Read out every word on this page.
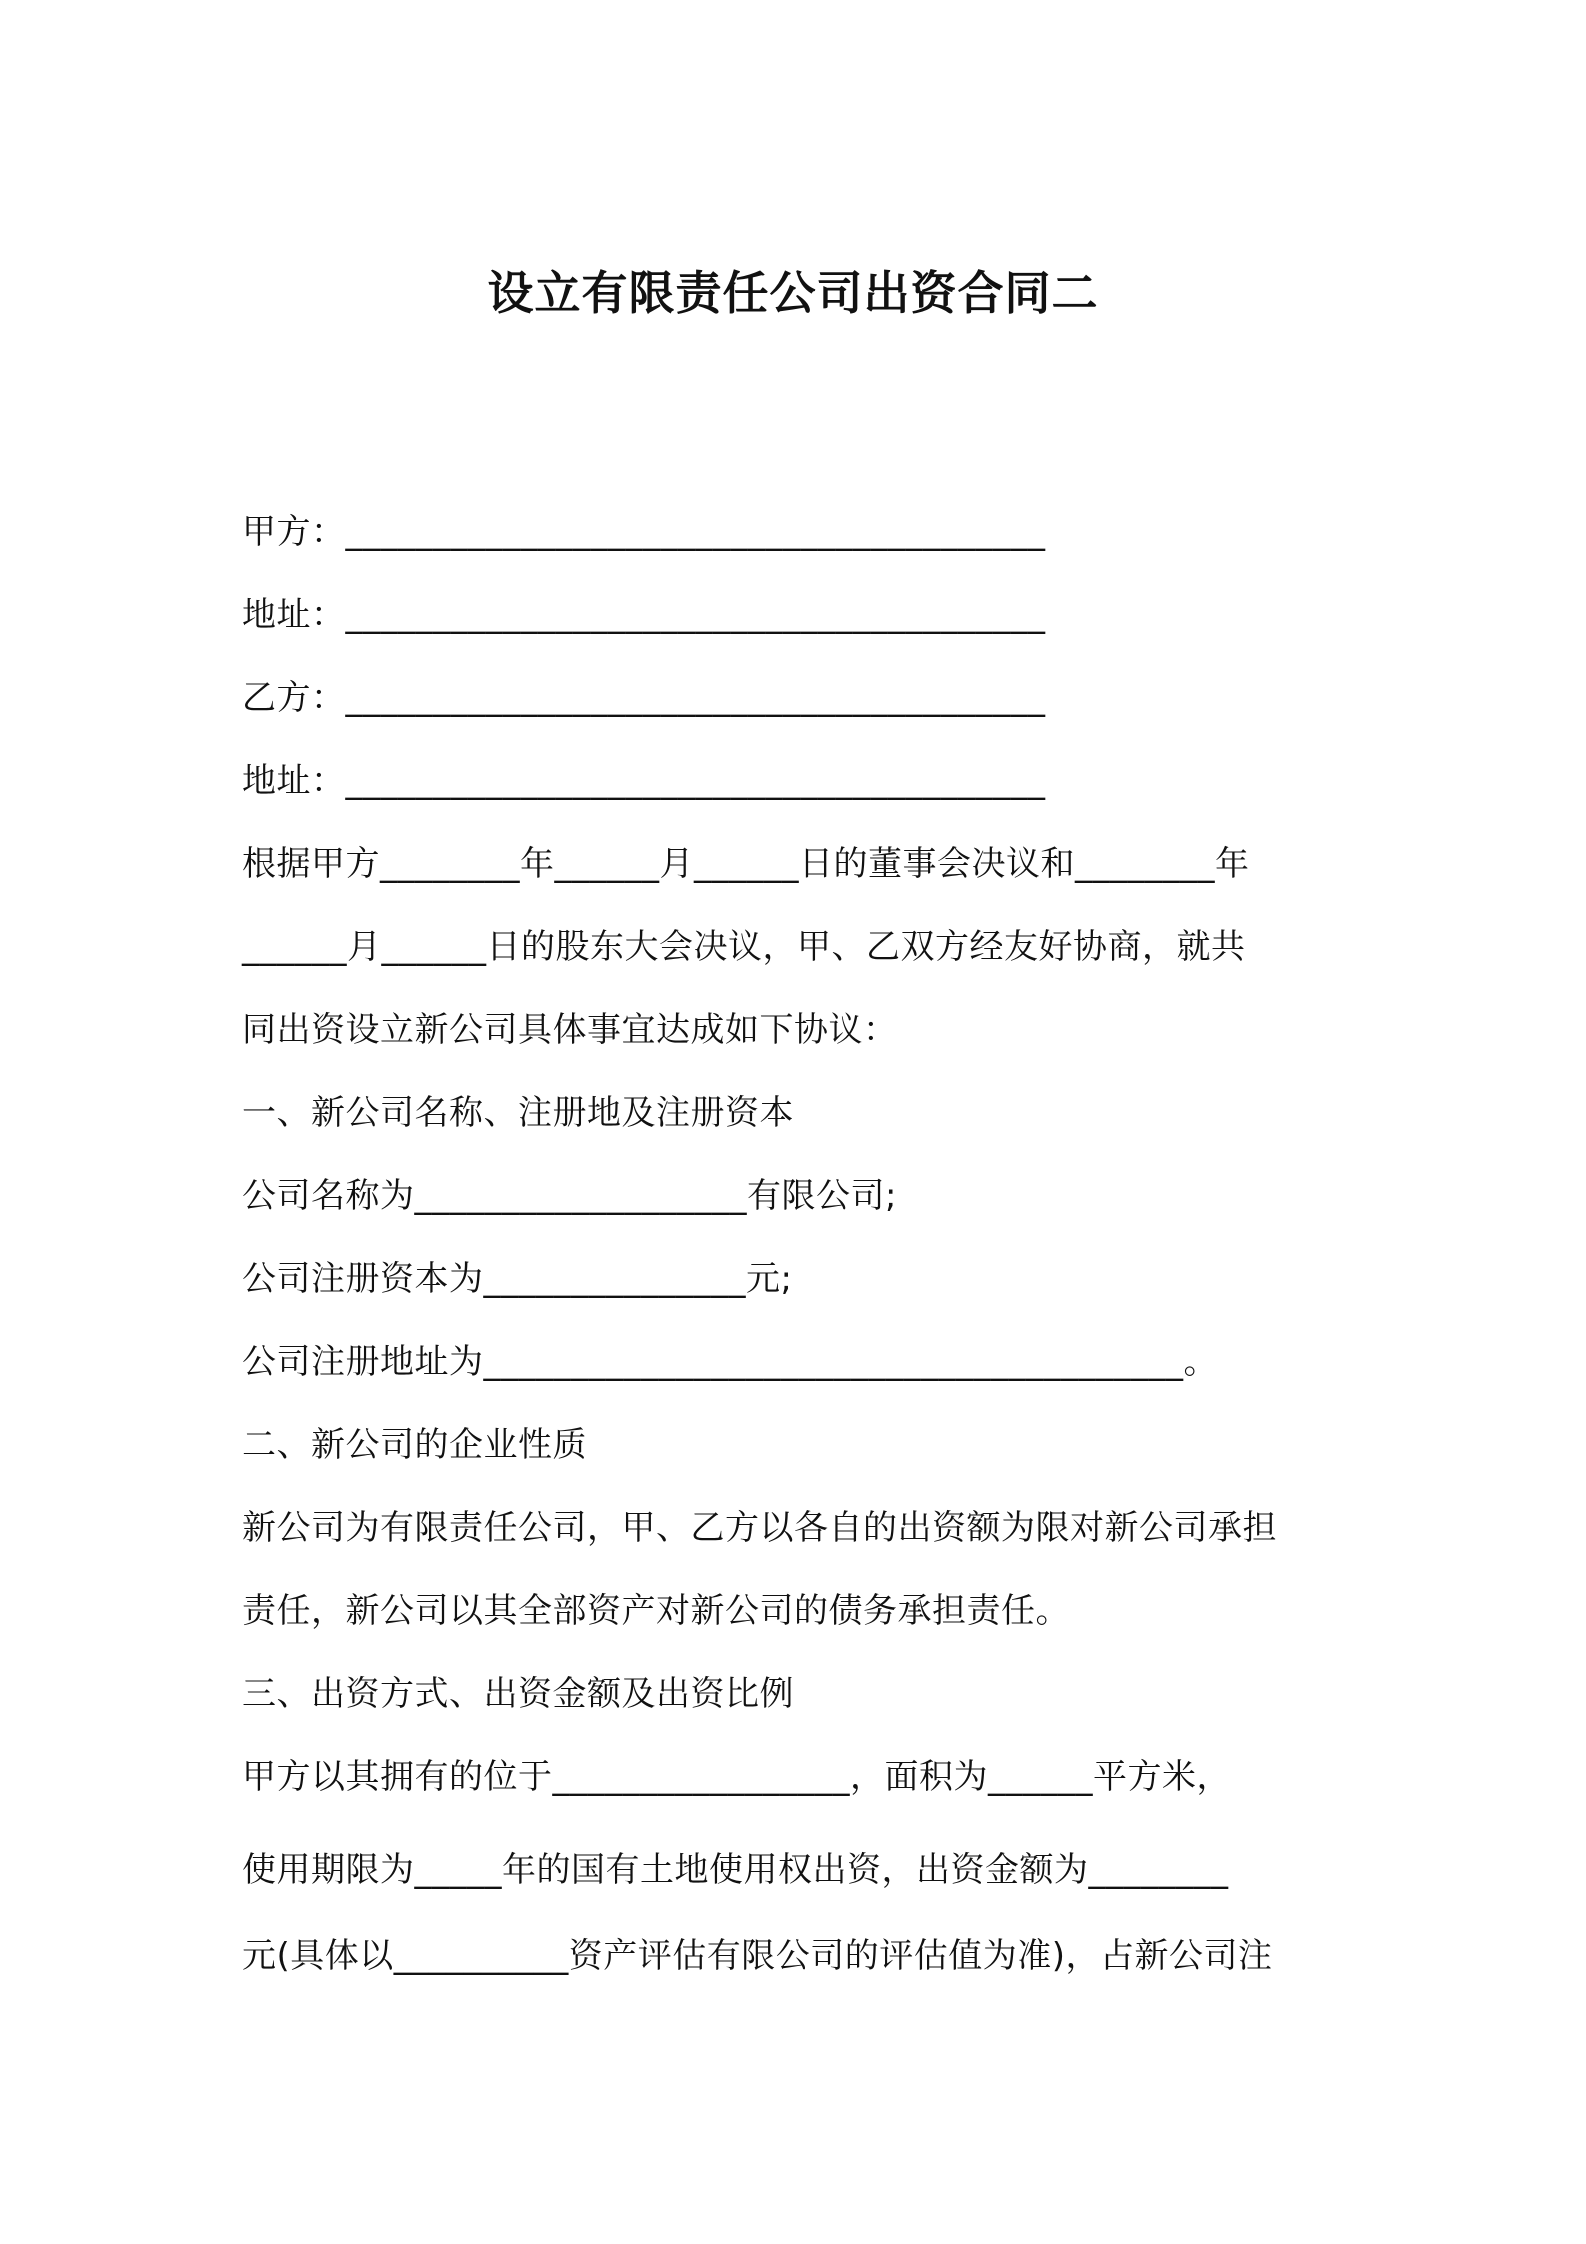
设立有限责任公司出资合同二
甲方：________________________________________
地址：________________________________________
乙方：________________________________________
地址：________________________________________
根据甲方________年______月______日的董事会决议和________年
______月______日的股东大会决议，甲、乙双方经友好协商，就共
同出资设立新公司具体事宜达成如下协议：
一、新公司名称、注册地及注册资本
公司名称为___________________有限公司;
公司注册资本为_______________元;
公司注册地址为________________________________________。
二、新公司的企业性质
新公司为有限责任公司，甲、乙方以各自的出资额为限对新公司承担
责任，新公司以其全部资产对新公司的债务承担责任。
三、出资方式、出资金额及出资比例
甲方以其拥有的位于_________________，面积为______平方米，
使用期限为_____年的国有土地使用权出资，出资金额为________
元(具体以__________资产评估有限公司的评估值为准)，占新公司注
